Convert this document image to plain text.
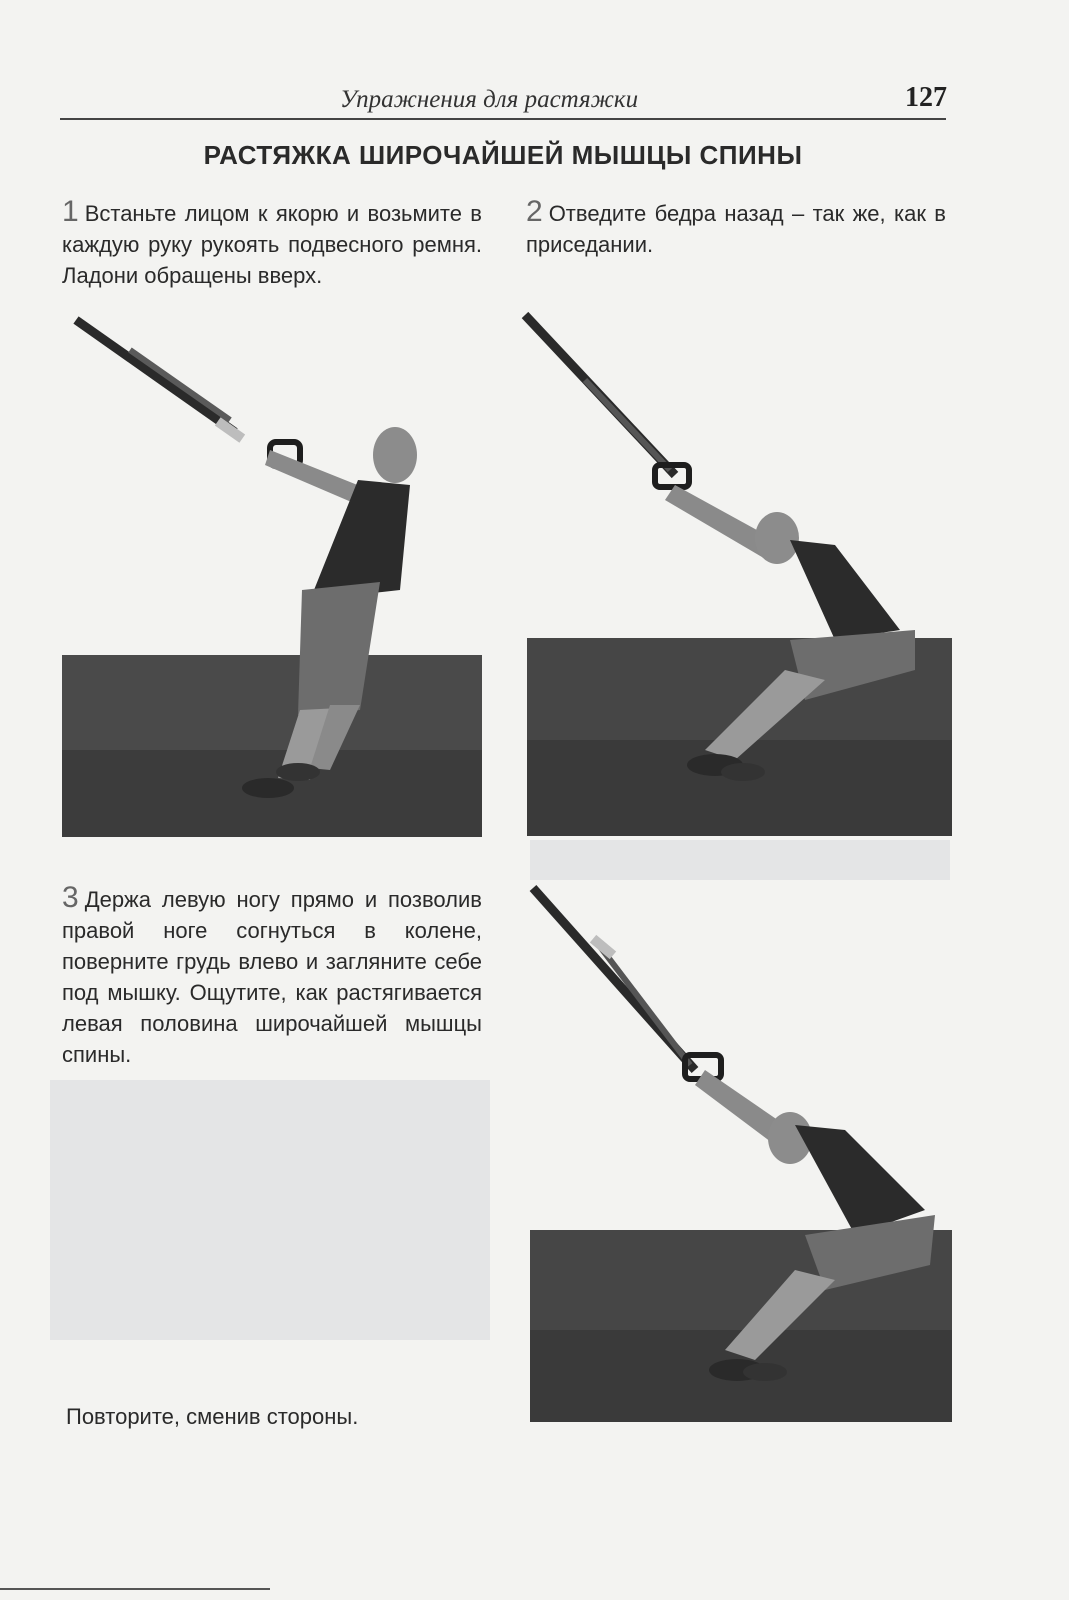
Упражнения для растяжки	127
РАСТЯЖКА ШИРОЧАЙШЕЙ МЫШЦЫ СПИНЫ
1 Встаньте лицом к якорю и возьмите в каждую руку рукоять подвесного ремня. Ладони обращены вверх.
2 Отведите бедра назад – так же, как в приседании.
3 Держа левую ногу прямо и позволив правой ноге согнуться в колене, поверните грудь влево и загляните себе под мышку. Ощутите, как растягивается левая половина широчайшей мышцы спины.
Повторите, сменив стороны.
